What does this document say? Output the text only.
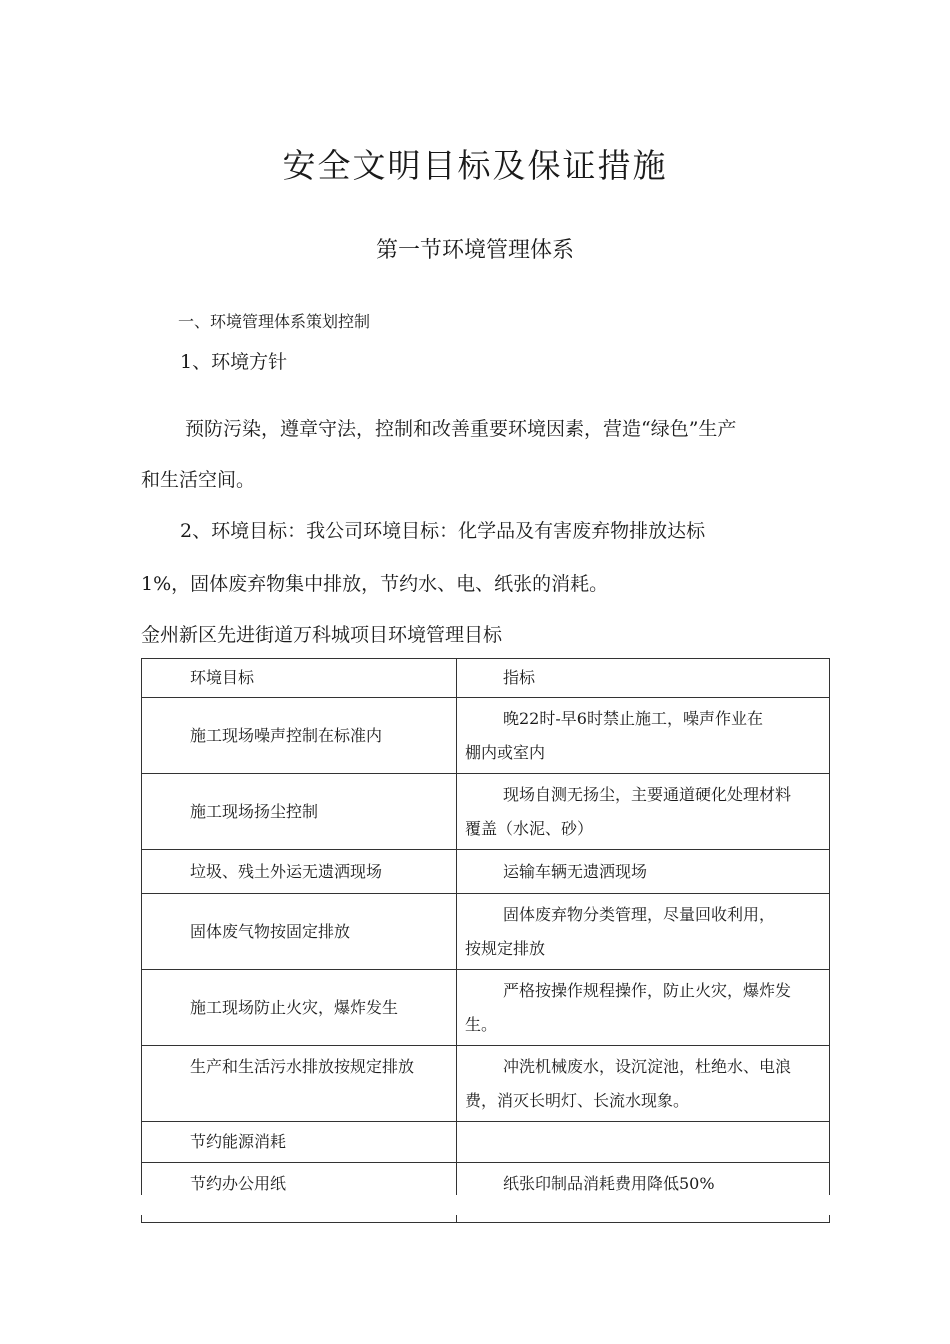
安全文明目标及保证措施
第一节环境管理体系
一、环境管理体系策划控制
1、环境方针
预防污染，遵章守法，控制和改善重要环境因素，营造“绿色”生产
和生活空间。
2、环境目标：我公司环境目标：化学品及有害废弃物排放达标
1%，固体废弃物集中排放，节约水、电、纸张的消耗。
金州新区先进街道万科城项目环境管理目标
环境目标	指标
施工现场噪声控制在标准内	晚22时-早6时禁止施工，噪声作业在
棚内或室内
施工现场扬尘控制	现场自测无扬尘，主要通道硬化处理材料
覆盖（水泥、砂）
垃圾、残土外运无遗洒现场	运输车辆无遗洒现场
固体废气物按固定排放	固体废弃物分类管理，尽量回收利用，
按规定排放
施工现场防止火灾，爆炸发生	严格按操作规程操作，防止火灾，爆炸发
生。
生产和生活污水排放按规定排放	冲洗机械废水，设沉淀池，杜绝水、电浪
费，消灭长明灯、长流水现象。
节约能源消耗	
节约办公用纸	纸张印制品消耗费用降低50%
